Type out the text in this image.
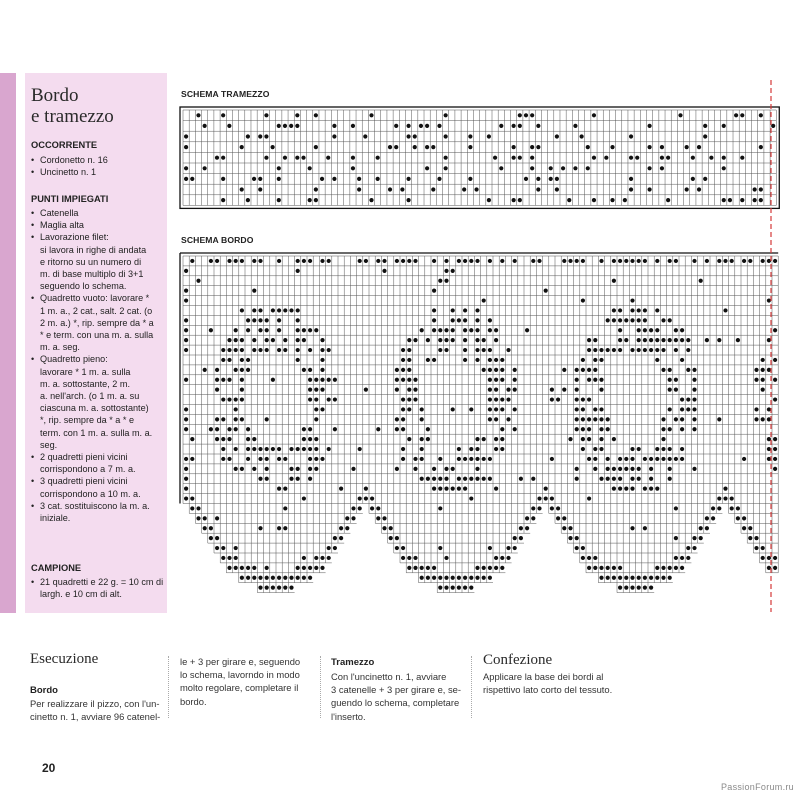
Bordo
e tramezzo
OCCORRENTE
• Cordonetto n. 16
• Uncinetto n. 1
PUNTI IMPIEGATI
• Catenella
• Maglia alta
• Lavorazione filet:
si lavora in righe di andata
e ritorno su un numero di
m. di base multiplo di 3+1
seguendo lo schema.
• Quadretto vuoto: lavorare *
1 m. a., 2 cat., salt. 2 cat. (o
2 m. a.) *, rip. sempre da * a
* e term. con una m. a. sulla
m. a. seg.
• Quadretto pieno:
lavorare * 1 m. a. sulla
m. a. sottostante, 2 m.
a. nell'arch. (o 1 m. a. su
ciascuna m. a. sottostante)
*, rip. sempre da * a * e
term. con 1 m. a. sulla m. a.
seg.
• 2 quadretti pieni vicini
corrispondono a 7 m. a.
• 3 quadretti pieni vicini
corrispondono a 10 m. a.
• 3 cat. sostituiscono la m. a.
iniziale.
CAMPIONE
• 21 quadretti e 22 g. = 10 cm di
largh. e 10 cm di alt.
SCHEMA TRAMEZZO
SCHEMA BORDO
Esecuzione
Bordo
Per realizzare il pizzo, con l'un-
cinetto n. 1, avviare 96 catenel-
le + 3 per girare e, seguendo
lo schema, lavorndo in modo
molto regolare, completare il
bordo.
Tramezzo
Con l'uncinetto n. 1, avviare
3 catenelle + 3 per girare e, se-
guendo lo schema, completare
l'inserto.
Confezione
Applicare la base dei bordi al
rispettivo lato corto del tessuto.
20
PassionForum.ru
